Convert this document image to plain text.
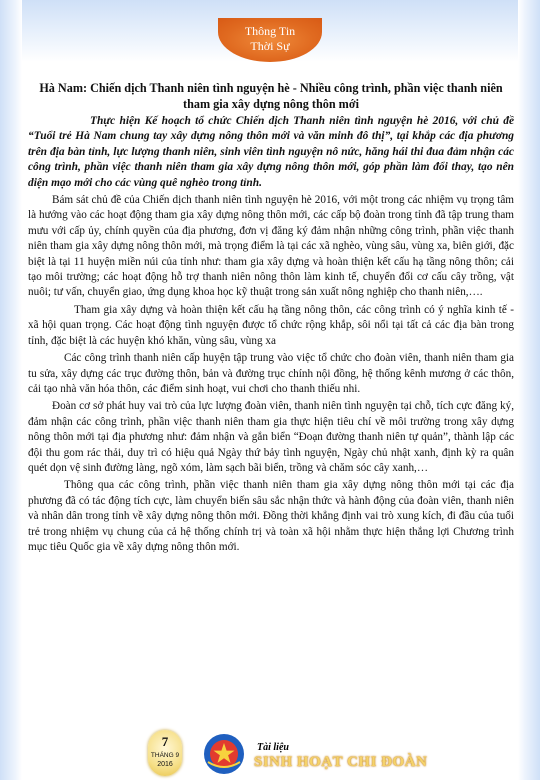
Thông Tin
Thời Sự

Hà Nam: Chiến dịch Thanh niên tình nguyện hè - Nhiều công trình, phần việc thanh niên tham gia xây dựng nông thôn mới

Thực hiện Kế hoạch tổ chức Chiến dịch Thanh niên tình nguyện hè 2016, với chủ đề “Tuổi trẻ Hà Nam chung tay xây dựng nông thôn mới và văn minh đô thị”, tại khắp các địa phương trên địa bàn tỉnh, lực lượng thanh niên, sinh viên tình nguyện nô nức, hăng hái thi đua đảm nhận các công trình, phần việc thanh niên tham gia xây dựng nông thôn mới, góp phần làm đổi thay, tạo nên diện mạo mới cho các vùng quê nghèo trong tỉnh.

Bám sát chủ đề của Chiến dịch thanh niên tình nguyện hè 2016, với một trong các nhiệm vụ trọng tâm là hướng vào các hoạt động tham gia xây dựng nông thôn mới, các cấp bộ đoàn trong tỉnh đã tập trung tham mưu với cấp ủy, chính quyền của địa phương, đơn vị đăng ký đảm nhận những công trình, phần việc thanh niên tham gia xây dựng nông thôn mới, mà trọng điểm là tại các xã nghèo, vùng sâu, vùng xa, biên giới, đặc biệt là tại 11 huyện miền núi của tỉnh như: tham gia xây dựng và hoàn thiện kết cấu hạ tầng nông thôn; cải tạo môi trường; các hoạt động hỗ trợ thanh niên nông thôn làm kinh tế, chuyển đổi cơ cấu cây trồng, vật nuôi; tư vấn, chuyển giao, ứng dụng khoa học kỹ thuật trong sản xuất nông nghiệp cho thanh niên,….

Tham gia xây dựng và hoàn thiện kết cấu hạ tầng nông thôn, các công trình có ý nghĩa kinh tế - xã hội quan trọng. Các hoạt động tình nguyện được tổ chức rộng khắp, sôi nổi tại tất cả các địa bàn trong tỉnh, đặc biệt là các huyện khó khăn, vùng sâu, vùng xa

Các công trình thanh niên cấp huyện tập trung vào việc tổ chức cho đoàn viên, thanh niên tham gia tu sửa, xây dựng các trục đường thôn, bản và đường trục chính nội đồng, hệ thống kênh mương ở các thôn, cải tạo nhà văn hóa thôn, các điểm sinh hoạt, vui chơi cho thanh thiếu nhi.

Đoàn cơ sở phát huy vai trò của lực lượng đoàn viên, thanh niên tình nguyện tại chỗ, tích cực đăng ký, đảm nhận các công trình, phần việc thanh niên tham gia thực hiện tiêu chí về môi trường trong xây dựng nông thôn mới tại địa phương như: đảm nhận và gắn biển “Đoạn đường thanh niên tự quản”, thành lập các đội thu gom rác thải, duy trì có hiệu quả Ngày thứ bảy tình nguyện, Ngày chủ nhật xanh, định kỳ ra quân quét dọn vệ sinh đường làng, ngõ xóm, làm sạch bãi biển, trồng và chăm sóc cây xanh,…

Thông qua các công trình, phần việc thanh niên tham gia xây dựng nông thôn mới tại các địa phương đã có tác động tích cực, làm chuyển biến sâu sắc nhận thức và hành động của đoàn viên, thanh niên và nhân dân trong tỉnh về xây dựng nông thôn mới. Đồng thời khẳng định vai trò xung kích, đi đầu của tuổi trẻ trong nhiệm vụ chung của cả hệ thống chính trị và toàn xã hội nhằm thực hiện thắng lợi Chương trình mục tiêu Quốc gia về xây dựng nông thôn mới.

7
THÁNG 9
2016
Tài liệu
SINH HOẠT CHI ĐOÀN
